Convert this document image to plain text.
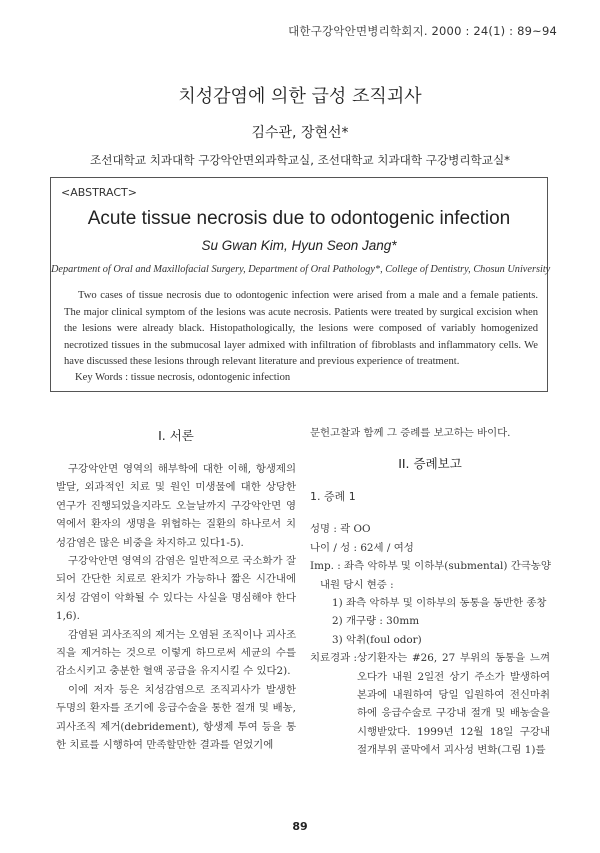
대한구강악안면병리학회지. 2000 : 24(1) : 89~94
치성감염에 의한 급성 조직괴사
김수관, 장현선*
조선대학교 치과대학 구강악안면외과학교실, 조선대학교 치과대학 구강병리학교실*
<ABSTRACT>
Acute tissue necrosis due to odontogenic infection
Su Gwan Kim, Hyun Seon Jang*
Department of Oral and Maxillofacial Surgery, Department of Oral Pathology*, College of Dentistry, Chosun University

Two cases of tissue necrosis due to odontogenic infection were arised from a male and a female patients. The major clinical symptom of the lesions was acute necrosis. Patients were treated by surgical excision when the lesions were already black. Histopathologically, the lesions were composed of variably homogenized necrotized tissues in the submucosal layer admixed with infiltration of fibroblasts and inflammatory cells. We have discussed these lesions through relevant literature and previous experience of treatment.

Key Words : tissue necrosis, odontogenic infection

I. 서론

구강악안면 영역의 해부학에 대한 이해, 항생제의 발달, 외과적인 치료 및 원인 미생물에 대한 상당한 연구가 진행되었을지라도 오늘날까지 구강악안면 영역에서 환자의 생명을 위협하는 질환의 하나로서 치성감염은 많은 비중을 차지하고 있다1-5).

구강악안면 영역의 감염은 일반적으로 국소화가 잘 되어 간단한 치료로 완치가 가능하나 짧은 시간내에 치성 감염이 악화될 수 있다는 사실을 명심해야 한다1,6).

감염된 괴사조직의 제거는 오염된 조직이나 괴사조직을 제거하는 것으로 이렇게 하므로써 세균의 수를 감소시키고 충분한 혈액 공급을 유지시킬 수 있다2).

이에 저자 등은 치성감염으로 조직괴사가 발생한 두명의 환자를 조기에 응급수술을 통한 절개 및 배농, 괴사조직 제거(debridement), 항생제 투여 등을 통한 치료를 시행하여 만족할만한 결과를 얻었기에

문헌고찰과 함께 그 증례를 보고하는 바이다.

II. 증례보고

1. 증례 1

성명 : 곽 OO

나이 / 성 : 62세 / 여성

Imp. : 좌측 악하부 및 이하부(submental) 간극농양

내원 당시 현증 :

1) 좌측 악하부 및 이하부의 동통을 동반한 종창

2) 개구량 : 30mm

3) 악취(foul odor)

치료경과 : 상기환자는 #26, 27 부위의 동통을 느껴오다가 내원 2일전 상기 주소가 발생하여 본과에 내원하여 당일 입원하여 전신마취하에 응급수술로 구강내 절개 및 배농술을 시행받았다. 1999년 12월 18일 구강내 절개부위 골막에서 괴사성 변화(그림 1)를
89
